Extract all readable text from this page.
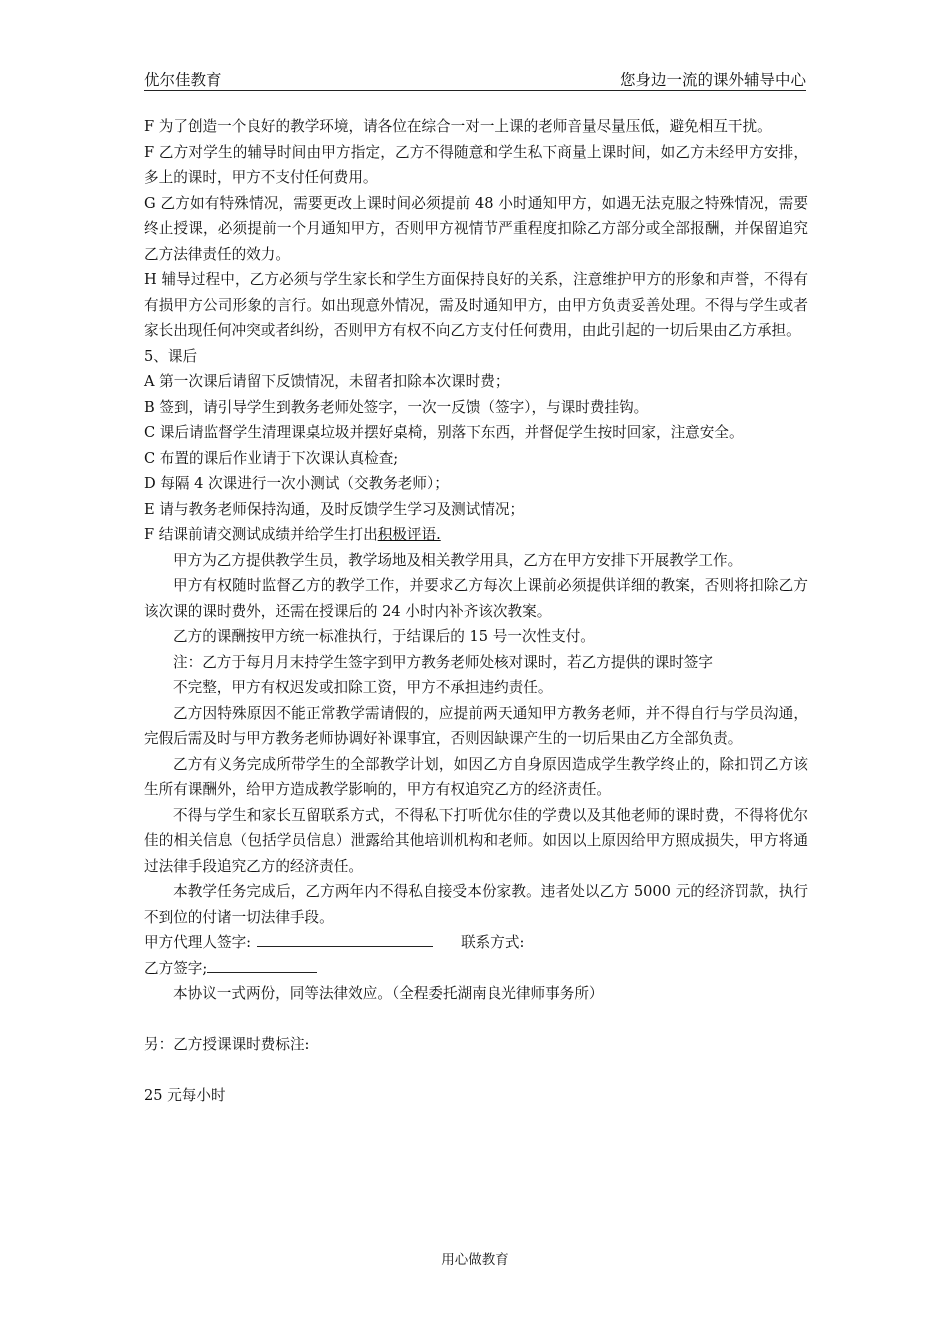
优尔佳教育	您身边一流的课外辅导中心

F 为了创造一个良好的教学环境，请各位在综合一对一上课的老师音量尽量压低，避免相互干扰。

F 乙方对学生的辅导时间由甲方指定，乙方不得随意和学生私下商量上课时间，如乙方未经甲方安排，多上的课时，甲方不支付任何费用。

G 乙方如有特殊情况，需要更改上课时间必须提前 48 小时通知甲方，如遇无法克服之特殊情况，需要终止授课，必须提前一个月通知甲方，否则甲方视情节严重程度扣除乙方部分或全部报酬，并保留追究乙方法律责任的效力。

H 辅导过程中，乙方必须与学生家长和学生方面保持良好的关系，注意维护甲方的形象和声誉，不得有有损甲方公司形象的言行。如出现意外情况，需及时通知甲方，由甲方负责妥善处理。不得与学生或者家长出现任何冲突或者纠纷，否则甲方有权不向乙方支付任何费用，由此引起的一切后果由乙方承担。

5、课后

A 第一次课后请留下反馈情况，未留者扣除本次课时费；

B 签到，请引导学生到教务老师处签字，一次一反馈（签字），与课时费挂钩。

C 课后请监督学生清理课桌垃圾并摆好桌椅，别落下东西，并督促学生按时回家，注意安全。

C 布置的课后作业请于下次课认真检查;

D 每隔 4 次课进行一次小测试（交教务老师）；

E 请与教务老师保持沟通，及时反馈学生学习及测试情况；

F 结课前请交测试成绩并给学生打出积极评语.

甲方为乙方提供教学生员，教学场地及相关教学用具，乙方在甲方安排下开展教学工作。

甲方有权随时监督乙方的教学工作，并要求乙方每次上课前必须提供详细的教案，否则将扣除乙方该次课的课时费外，还需在授课后的 24 小时内补齐该次教案。

乙方的课酬按甲方统一标准执行，于结课后的 15 号一次性支付。

注：乙方于每月月末持学生签字到甲方教务老师处核对课时，若乙方提供的课时签字

不完整，甲方有权迟发或扣除工资，甲方不承担违约责任。

乙方因特殊原因不能正常教学需请假的，应提前两天通知甲方教务老师，并不得自行与学员沟通，完假后需及时与甲方教务老师协调好补课事宜，否则因缺课产生的一切后果由乙方全部负责。

乙方有义务完成所带学生的全部教学计划，如因乙方自身原因造成学生教学终止的，除扣罚乙方该生所有课酬外，给甲方造成教学影响的，甲方有权追究乙方的经济责任。

不得与学生和家长互留联系方式，不得私下打听优尔佳的学费以及其他老师的课时费，不得将优尔佳的相关信息（包括学员信息）泄露给其他培训机构和老师。如因以上原因给甲方照成损失，甲方将通过法律手段追究乙方的经济责任。

本教学任务完成后，乙方两年内不得私自接受本份家教。违者处以乙方 5000 元的经济罚款，执行不到位的付诸一切法律手段。

甲方代理人签字:	联系方式:

乙方签字;

本协议一式两份，同等法律效应。（全程委托湖南良光律师事务所）

另：乙方授课课时费标注:

25 元每小时

用心做教育
